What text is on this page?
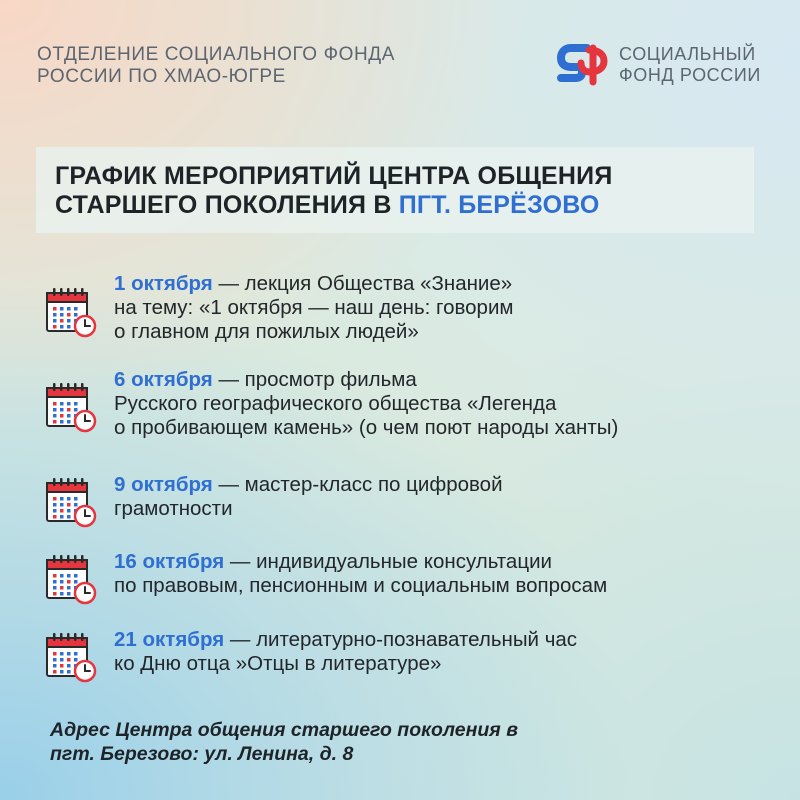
ОТДЕЛЕНИЕ СОЦИАЛЬНОГО ФОНДА
РОССИИ ПО ХМАО-ЮГРЕ
СОЦИАЛЬНЫЙ
ФОНД РОССИИ
ГРАФИК МЕРОПРИЯТИЙ ЦЕНТРА ОБЩЕНИЯ
СТАРШЕГО ПОКОЛЕНИЯ В ПГТ. БЕРЁЗОВО
1 октября — лекция Общества «Знание»
на тему: «1 октября — наш день: говорим
о главном для пожилых людей»
6 октября — просмотр фильма
Русского географического общества «Легенда
о пробивающем камень» (о чем поют народы ханты)
9 октября — мастер-класс по цифровой
грамотности
16 октября — индивидуальные консультации
по правовым, пенсионным и социальным вопросам
21 октября — литературно-познавательный час
ко Дню отца »Отцы в литературе»
Адрес Центра общения старшего поколения в
пгт. Березово: ул. Ленина, д. 8
